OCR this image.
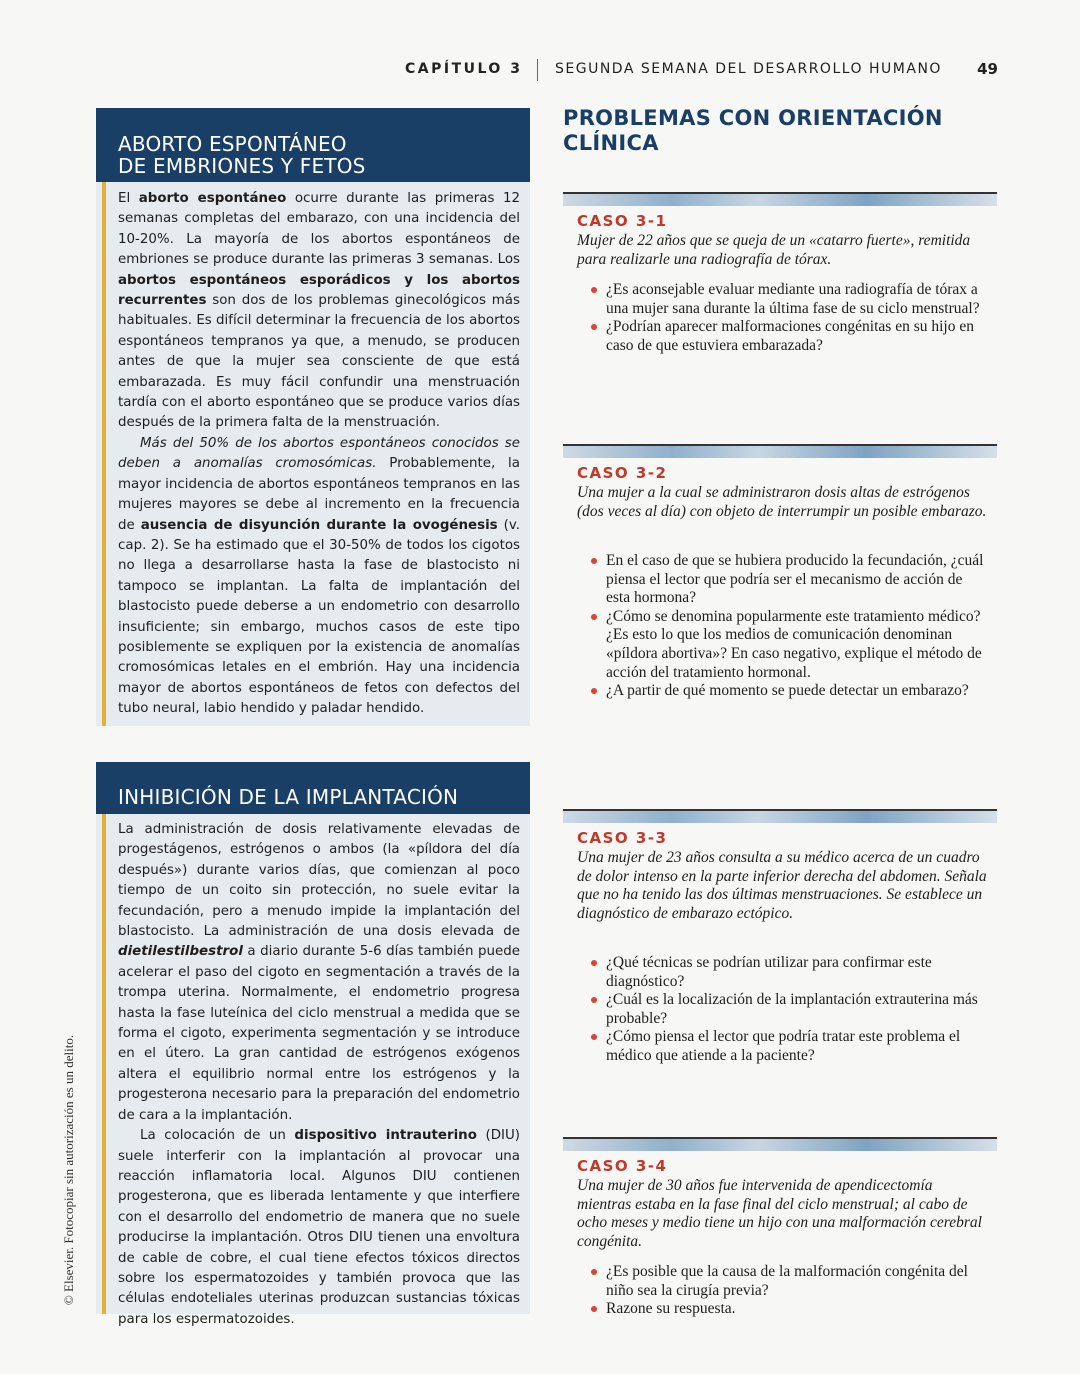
CAPÍTULO 3 SEGUNDA SEMANA DEL DESARROLLO HUMANO 49
© Elsevier. Fotocopiar sin autorización es un delito.
ABORTO ESPONTÁNEO
DE EMBRIONES Y FETOS

El aborto espontáneo ocurre durante las primeras 12 semanas completas del embarazo, con una incidencia del 10-20%. La mayoría de los abortos espontáneos de embriones se produce durante las primeras 3 semanas. Los abortos espontáneos esporádicos y los abortos recurrentes son dos de los problemas ginecológicos más habituales. Es difícil determinar la frecuencia de los abortos espontáneos tempranos ya que, a menudo, se producen antes de que la mujer sea consciente de que está embarazada. Es muy fácil confundir una menstruación tardía con el aborto espontáneo que se produce varios días después de la primera falta de la menstruación.

Más del 50% de los abortos espontáneos conocidos se deben a anomalías cromosómicas. Probablemente, la mayor incidencia de abortos espontáneos tempranos en las mujeres mayores se debe al incremento en la frecuencia de ausencia de disyunción durante la ovogénesis (v. cap. 2). Se ha estimado que el 30-50% de todos los cigotos no llega a desarrollarse hasta la fase de blastocisto ni tampoco se implantan. La falta de implantación del blastocisto puede deberse a un endometrio con desarrollo insuficiente; sin embargo, muchos casos de este tipo posiblemente se expliquen por la existencia de anomalías cromosómicas letales en el embrión. Hay una incidencia mayor de abortos espontáneos de fetos con defectos del tubo neural, labio hendido y paladar hendido.

INHIBICIÓN DE LA IMPLANTACIÓN

La administración de dosis relativamente elevadas de progestágenos, estrógenos o ambos (la «píldora del día después») durante varios días, que comienzan al poco tiempo de un coito sin protección, no suele evitar la fecundación, pero a menudo impide la implantación del blastocisto. La administración de una dosis elevada de dietilestilbestrol a diario durante 5-6 días también puede acelerar el paso del cigoto en segmentación a través de la trompa uterina. Normalmente, el endometrio progresa hasta la fase luteínica del ciclo menstrual a medida que se forma el cigoto, experimenta segmentación y se introduce en el útero. La gran cantidad de estrógenos exógenos altera el equilibrio normal entre los estrógenos y la progesterona necesario para la preparación del endometrio de cara a la implantación.

La colocación de un dispositivo intrauterino (DIU) suele interferir con la implantación al provocar una reacción inflamatoria local. Algunos DIU contienen progesterona, que es liberada lentamente y que interfiere con el desarrollo del endometrio de manera que no suele producirse la implantación. Otros DIU tienen una envoltura de cable de cobre, el cual tiene efectos tóxicos directos sobre los espermatozoides y también provoca que las células endoteliales uterinas produzcan sustancias tóxicas para los espermatozoides.

PROBLEMAS CON ORIENTACIÓN
CLÍNICA
CASO 3-1
Mujer de 22 años que se queja de un «catarro fuerte», remitida para realizarle una radiografía de tórax.
¿Es aconsejable evaluar mediante una radiografía de tórax a una mujer sana durante la última fase de su ciclo menstrual?
¿Podrían aparecer malformaciones congénitas en su hijo en caso de que estuviera embarazada?
CASO 3-2
Una mujer a la cual se administraron dosis altas de estrógenos (dos veces al día) con objeto de interrumpir un posible embarazo.
En el caso de que se hubiera producido la fecundación, ¿cuál piensa el lector que podría ser el mecanismo de acción de esta hormona?
¿Cómo se denomina popularmente este tratamiento médico? ¿Es esto lo que los medios de comunicación denominan «píldora abortiva»? En caso negativo, explique el método de acción del tratamiento hormonal.
¿A partir de qué momento se puede detectar un embarazo?
CASO 3-3
Una mujer de 23 años consulta a su médico acerca de un cuadro de dolor intenso en la parte inferior derecha del abdomen. Señala que no ha tenido las dos últimas menstruaciones. Se establece un diagnóstico de embarazo ectópico.
¿Qué técnicas se podrían utilizar para confirmar este diagnóstico?
¿Cuál es la localización de la implantación extrauterina más probable?
¿Cómo piensa el lector que podría tratar este problema el médico que atiende a la paciente?
CASO 3-4
Una mujer de 30 años fue intervenida de apendicectomía mientras estaba en la fase final del ciclo menstrual; al cabo de ocho meses y medio tiene un hijo con una malformación cerebral congénita.
¿Es posible que la causa de la malformación congénita del niño sea la cirugía previa?
Razone su respuesta.
